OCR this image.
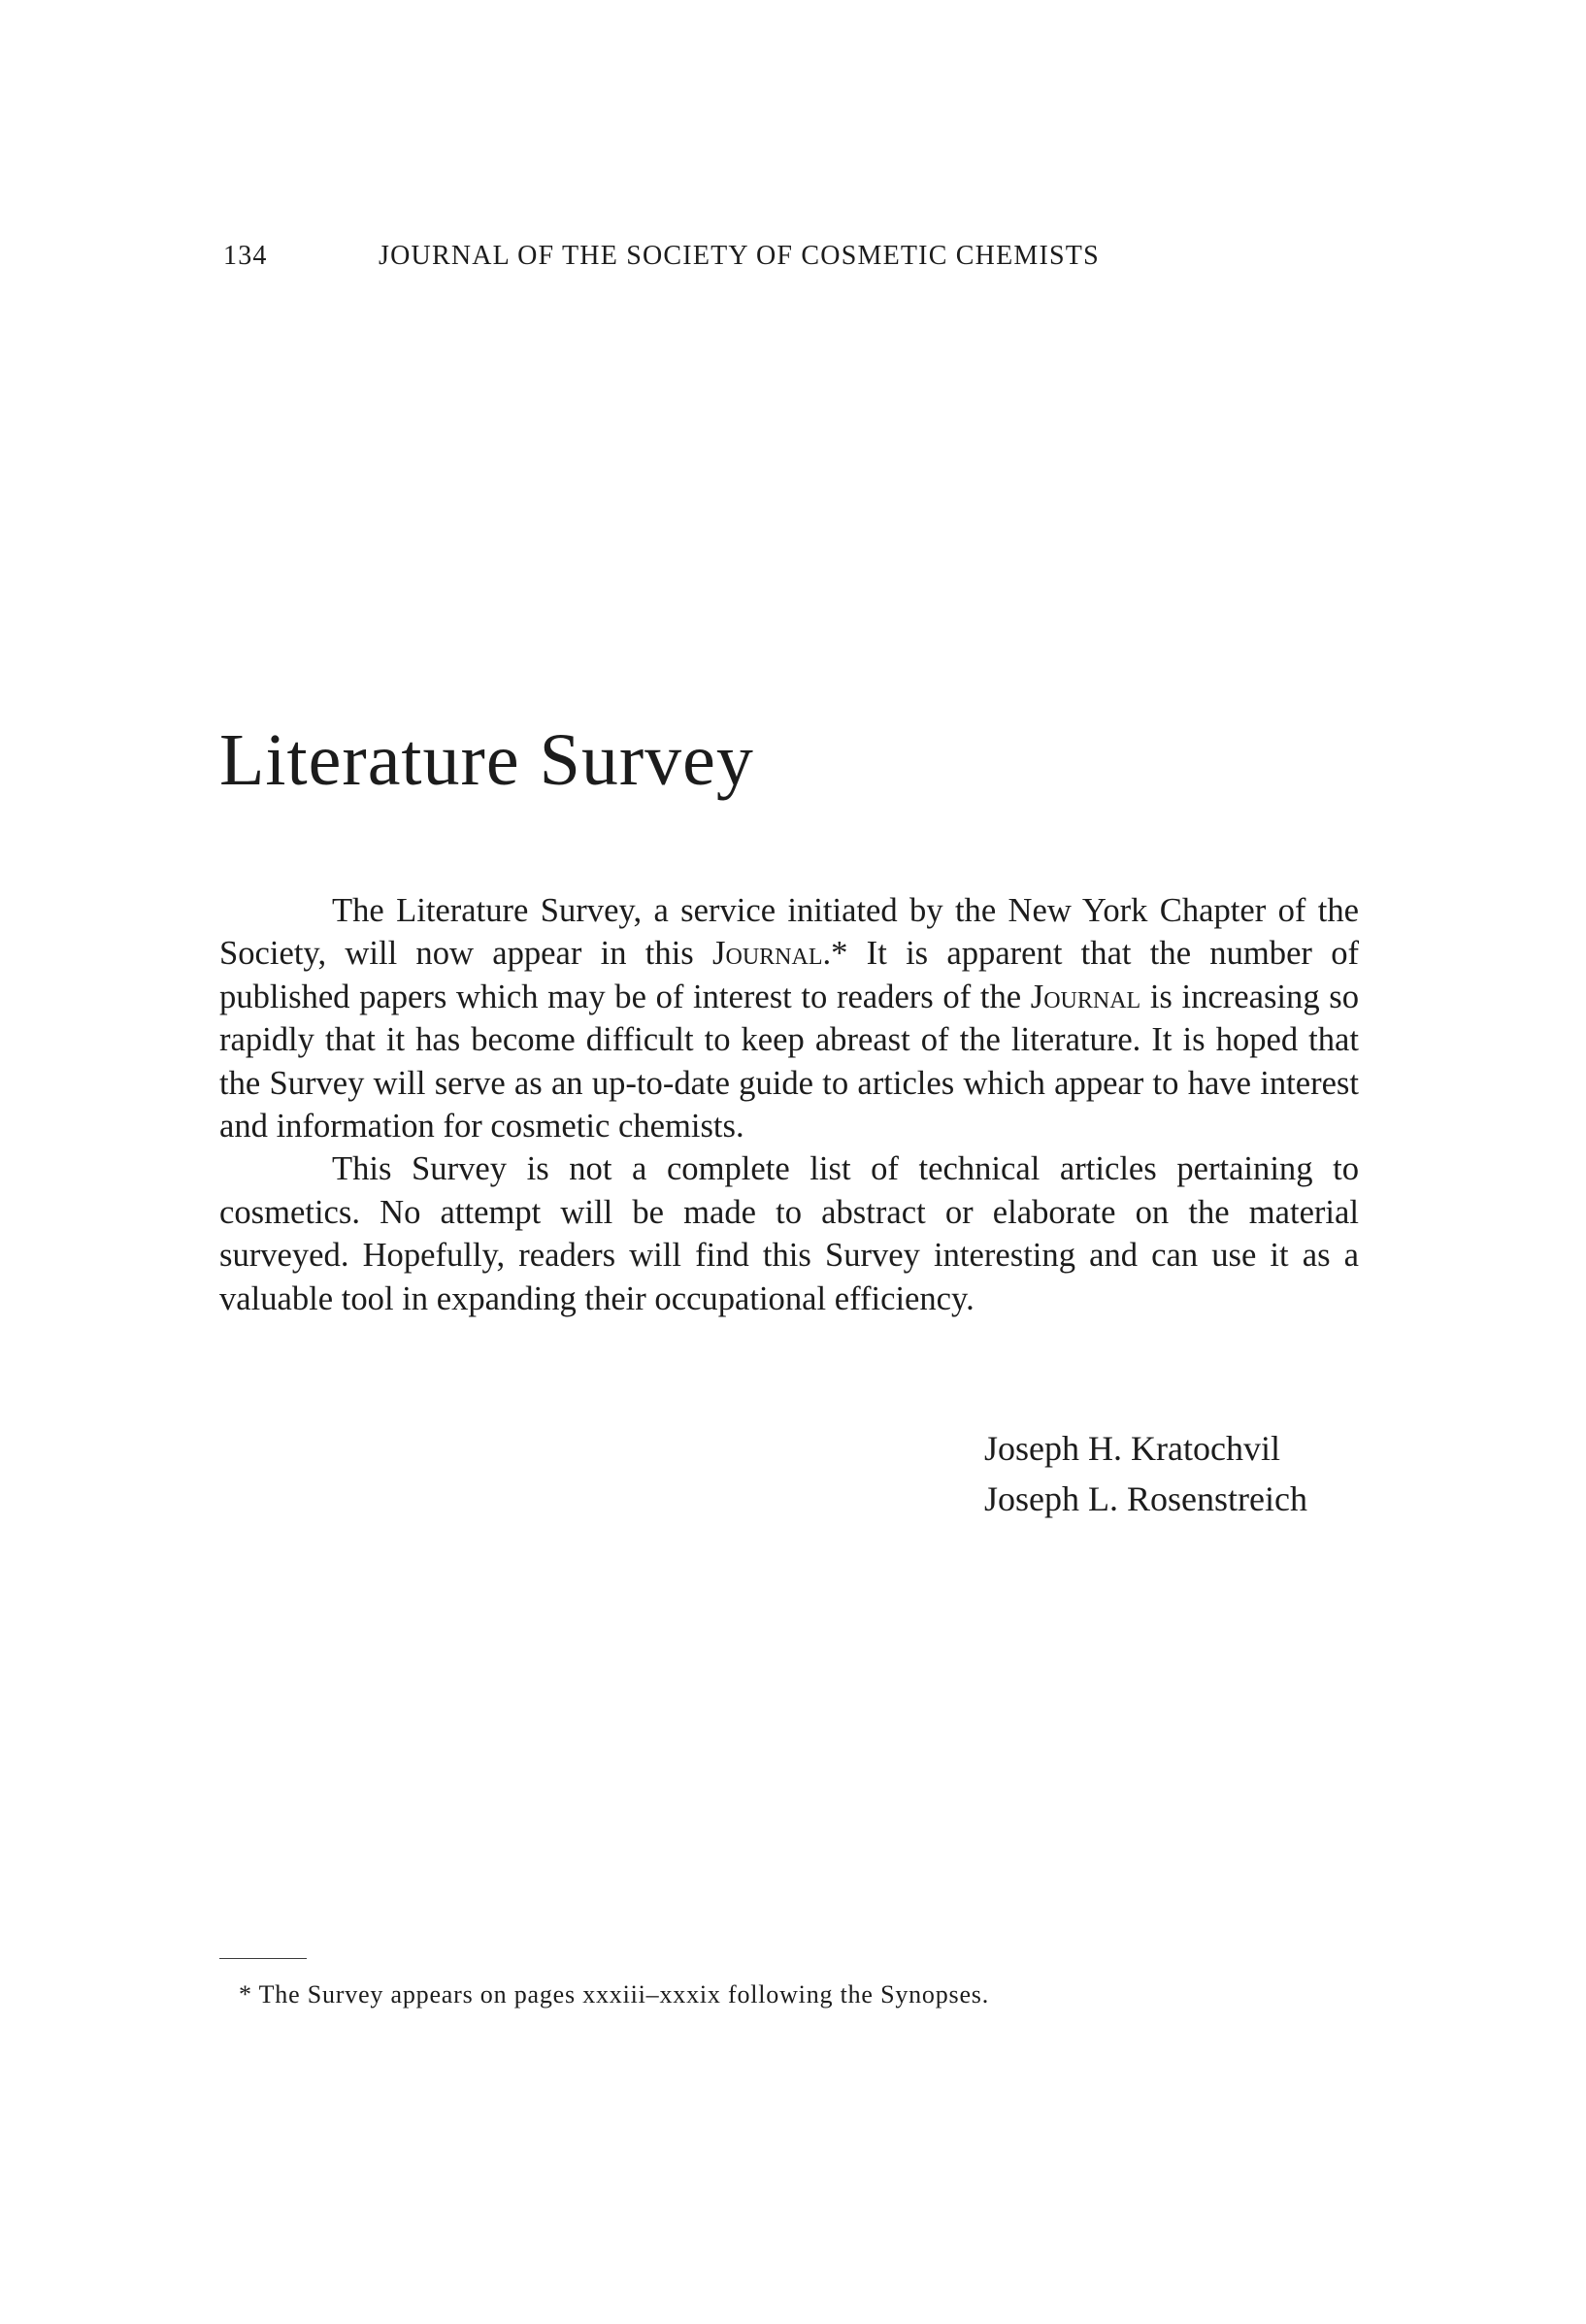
134	JOURNAL OF THE SOCIETY OF COSMETIC CHEMISTS
Literature Survey

The Literature Survey, a service initiated by the New York Chapter of the Society, will now appear in this Journal.* It is apparent that the number of published papers which may be of interest to readers of the Journal is increasing so rapidly that it has become difficult to keep abreast of the literature. It is hoped that the Survey will serve as an up-to-date guide to articles which appear to have interest and information for cosmetic chemists.

This Survey is not a complete list of technical articles pertaining to cosmetics. No attempt will be made to abstract or elaborate on the material surveyed. Hopefully, readers will find this Survey interesting and can use it as a valuable tool in expanding their occupational efficiency.

Joseph H. Kratochvil
Joseph L. Rosenstreich
* The Survey appears on pages xxxiii–xxxix following the Synopses.
